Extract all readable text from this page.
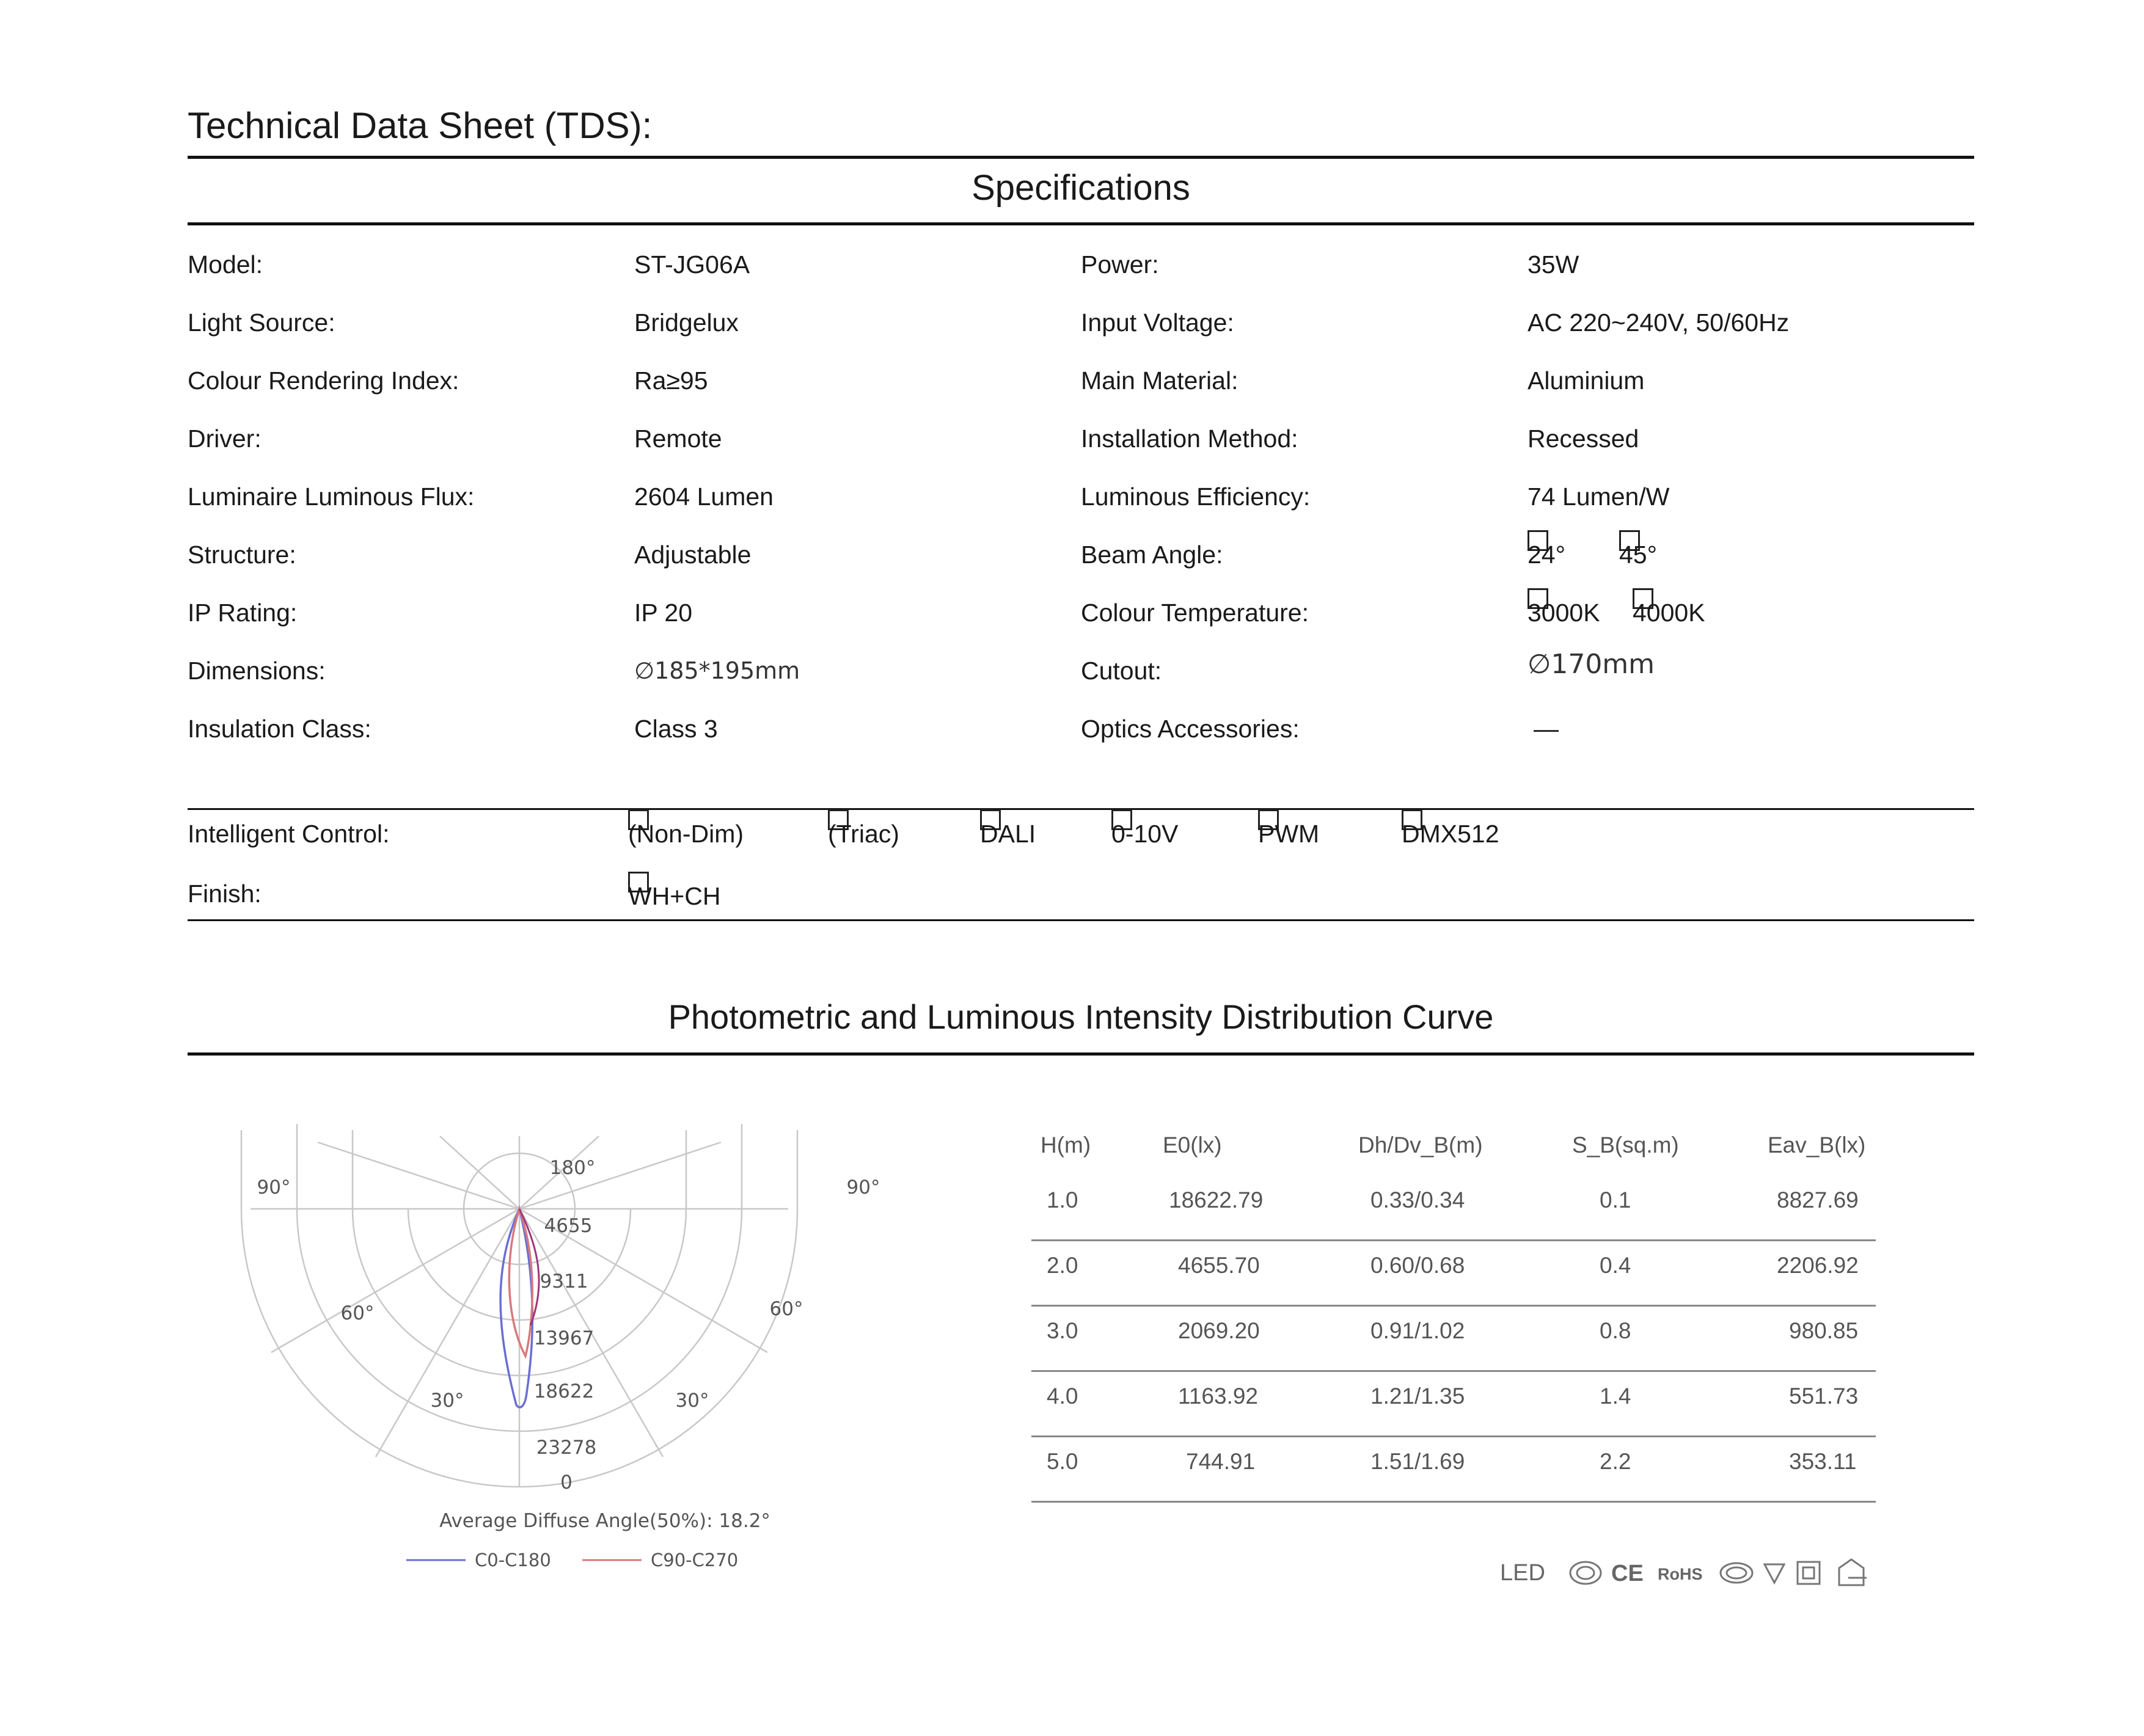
Technical Data Sheet (TDS):
Specifications
Model:	ST-JG06A	Power:	35W
Light Source:	Bridgelux	Input Voltage:	AC 220~240V, 50/60Hz
Colour Rendering Index:	Ra≥95	Main Material:	Aluminium
Driver:	Remote	Installation Method:	Recessed
Luminaire Luminous Flux:	2604 Lumen	Luminous Efficiency:	74 Lumen/W
Structure:	Adjustable	Beam Angle:	24° 45°
IP Rating:	IP 20	Colour Temperature:	3000K 4000K
Dimensions:	∅185*195mm	Cutout:	∅170mm
Insulation Class:	Class 3	Optics Accessories:	—
Intelligent Control:	(Non-Dim)	(Triac)	DALI	0-10V	PWM	DMX512
Finish:	WH+CH
Photometric and Luminous Intensity Distribution Curve
180°
90°	90°
60°	60°
30°	30°
4655
9311
13967
18622
23278
0
Average Diffuse Angle(50%): 18.2°
C0-C180	C90-C270
H(m)	E0(lx)	Dh/Dv_B(m)	S_B(sq.m)	Eav_B(lx)
1.0	18622.79	0.33/0.34	0.1	8827.69
2.0	4655.70	0.60/0.68	0.4	2206.92
3.0	2069.20	0.91/1.02	0.8	980.85
4.0	1163.92	1.21/1.35	1.4	551.73
5.0	744.91	1.51/1.69	2.2	353.11
LED	CE RoHS
